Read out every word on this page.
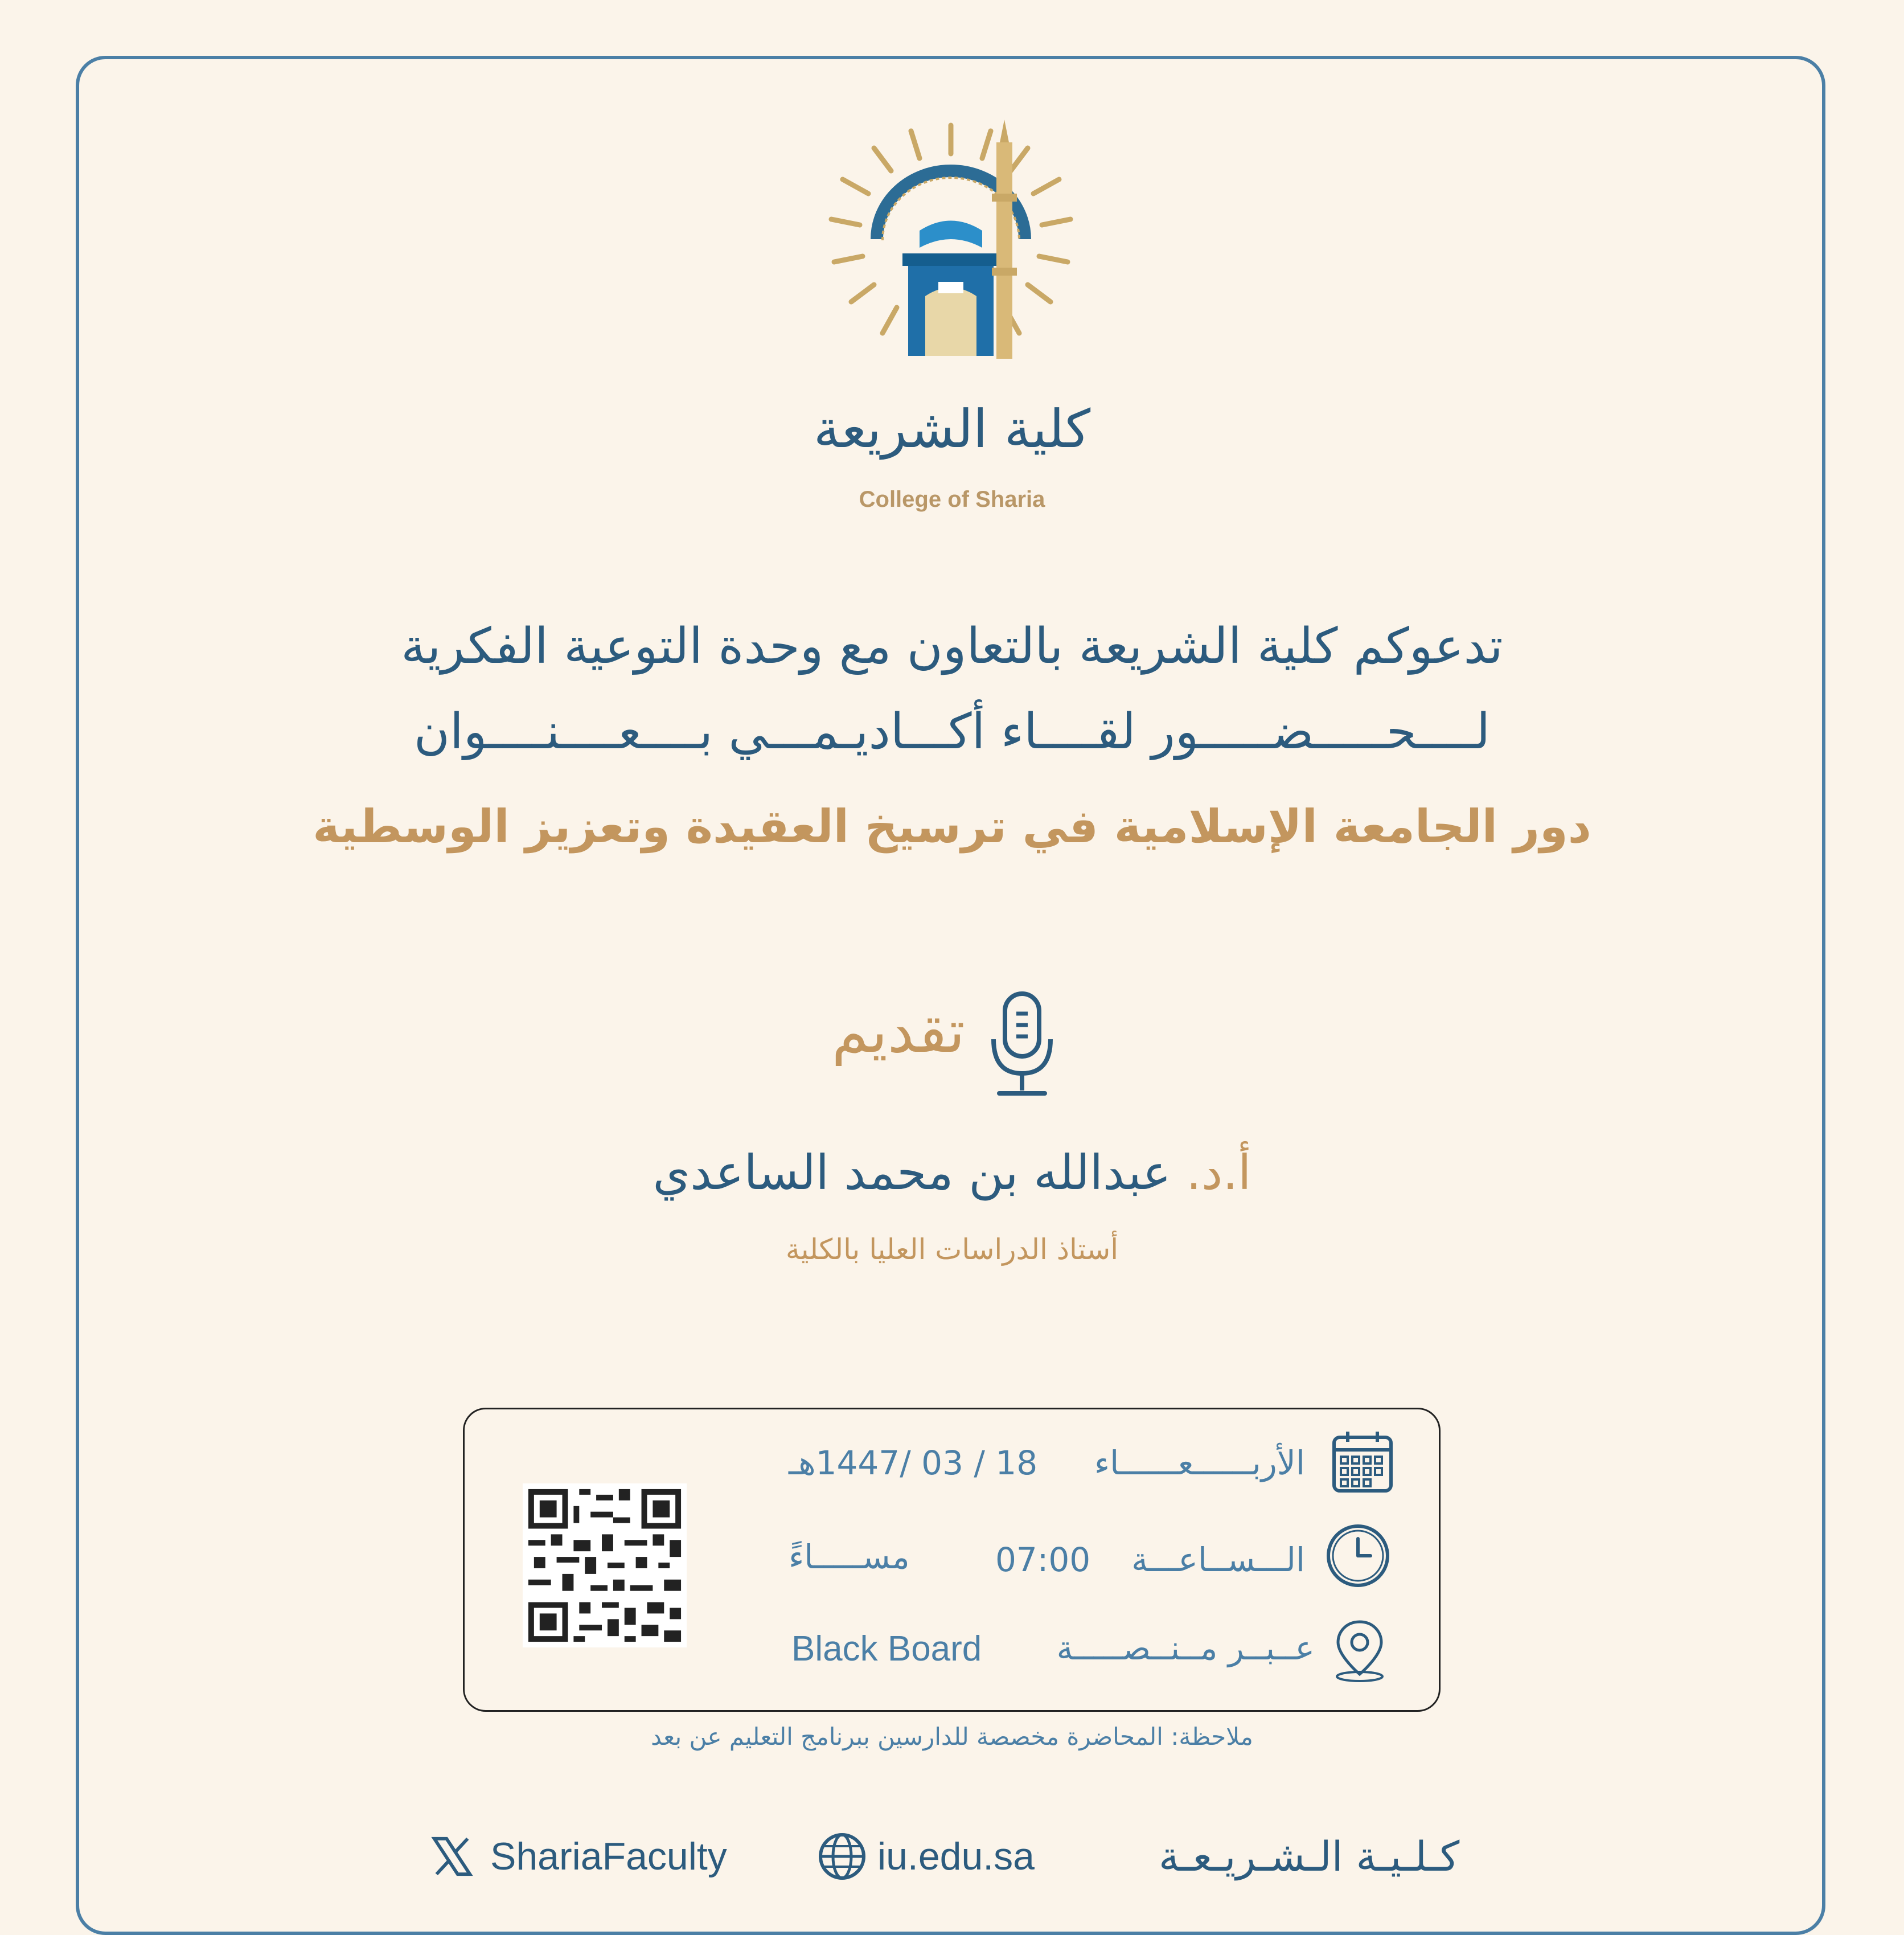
كلية الشريعة
College of Sharia
تدعوكم كلية الشريعة بالتعاون مع وحدة التوعية الفكرية
لــــحـــــضـــــور لقــــاء أكـــاديـمـــي بــــعــــنــــوان
دور الجامعة الإسلامية في ترسيخ العقيدة وتعزيز الوسطية
تقديم
أ.د. عبدالله بن محمد الساعدي
أستاذ الدراسات العليا بالكلية
الأربــــــعــــــاء
18 / 03 /1447هـ
الـــســاعـــة
07:00
مســـــاءً
عــبــر مــنــصـــــة
Black Board
ملاحظة: المحاضرة مخصصة للدارسين ببرنامج التعليم عن بعد
ShariaFaculty	iu.edu.sa	كـلـيـة الـشـريـعـة
